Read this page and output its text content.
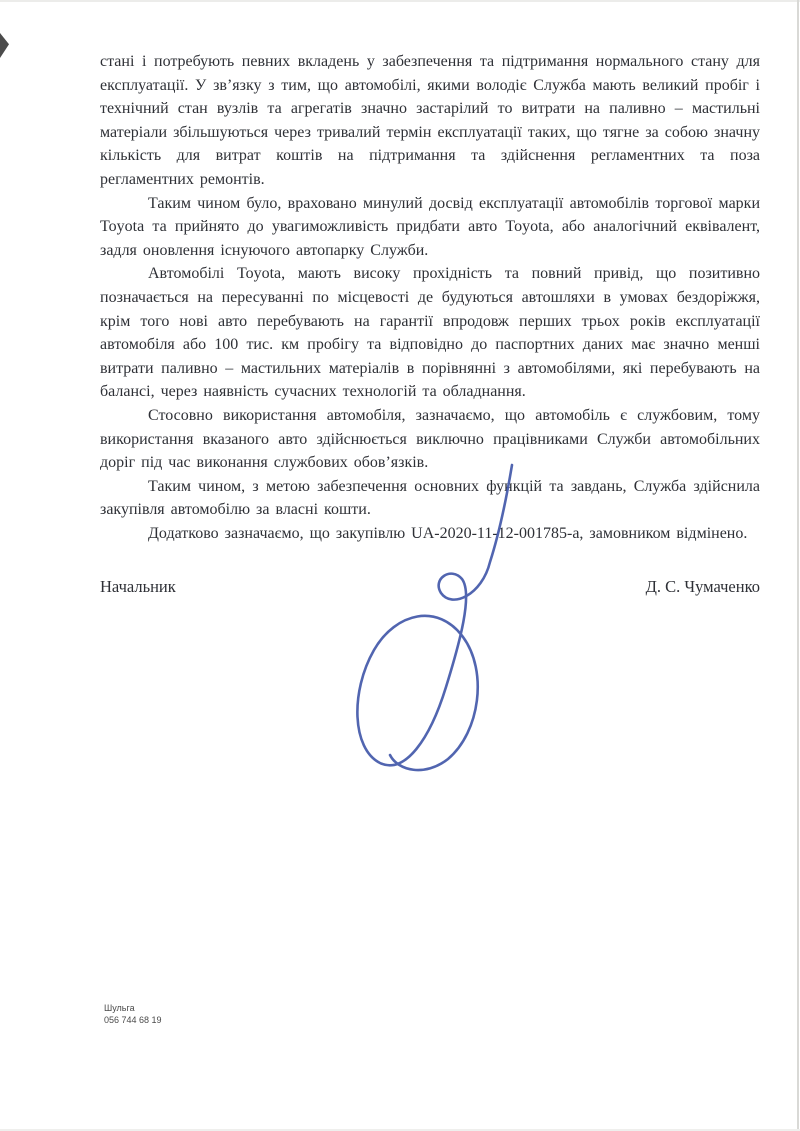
стані і потребують певних вкладень у забезпечення та підтримання нормального стану для експлуатації. У зв’язку з тим, що автомобілі, якими володіє Служба мають великий пробіг і технічний стан вузлів та агрегатів значно застарілий то витрати на паливно – мастильні матеріали збільшуються через тривалий термін експлуатації таких, що тягне за собою значну кількість для витрат коштів на підтримання та здійснення регламентних та поза регламентних ремонтів.

Таким чином було, враховано минулий досвід експлуатації автомобілів торгової марки Toyota та прийнято до увагиможливість придбати авто Toyota, або аналогічний еквівалент, задля оновлення існуючого автопарку Служби.

Автомобілі Toyota, мають високу прохідність та повний привід, що позитивно позначається на пересуванні по місцевості де будуються автошляхи в умовах бездоріжжя, крім того нові авто перебувають на гарантії впродовж перших трьох років експлуатації автомобіля або 100 тис. км пробігу та відповідно до паспортних даних має значно менші витрати паливно – мастильних матеріалів в порівнянні з автомобілями, які перебувають на балансі, через наявність сучасних технологій та обладнання.

Стосовно використання автомобіля, зазначаємо, що автомобіль є службовим, тому використання вказаного авто здійснюється виключно працівниками Служби автомобільних доріг під час виконання службових обов’язків.

Таким чином, з метою забезпечення основних функцій та завдань, Служба здійснила закупівля автомобілю за власні кошти.

Додатково зазначаємо, що закупівлю UA-2020-11-12-001785-а, замовником відмінено.

Начальник	Д. С. Чумаченко
Шульга
056 744 68 19
